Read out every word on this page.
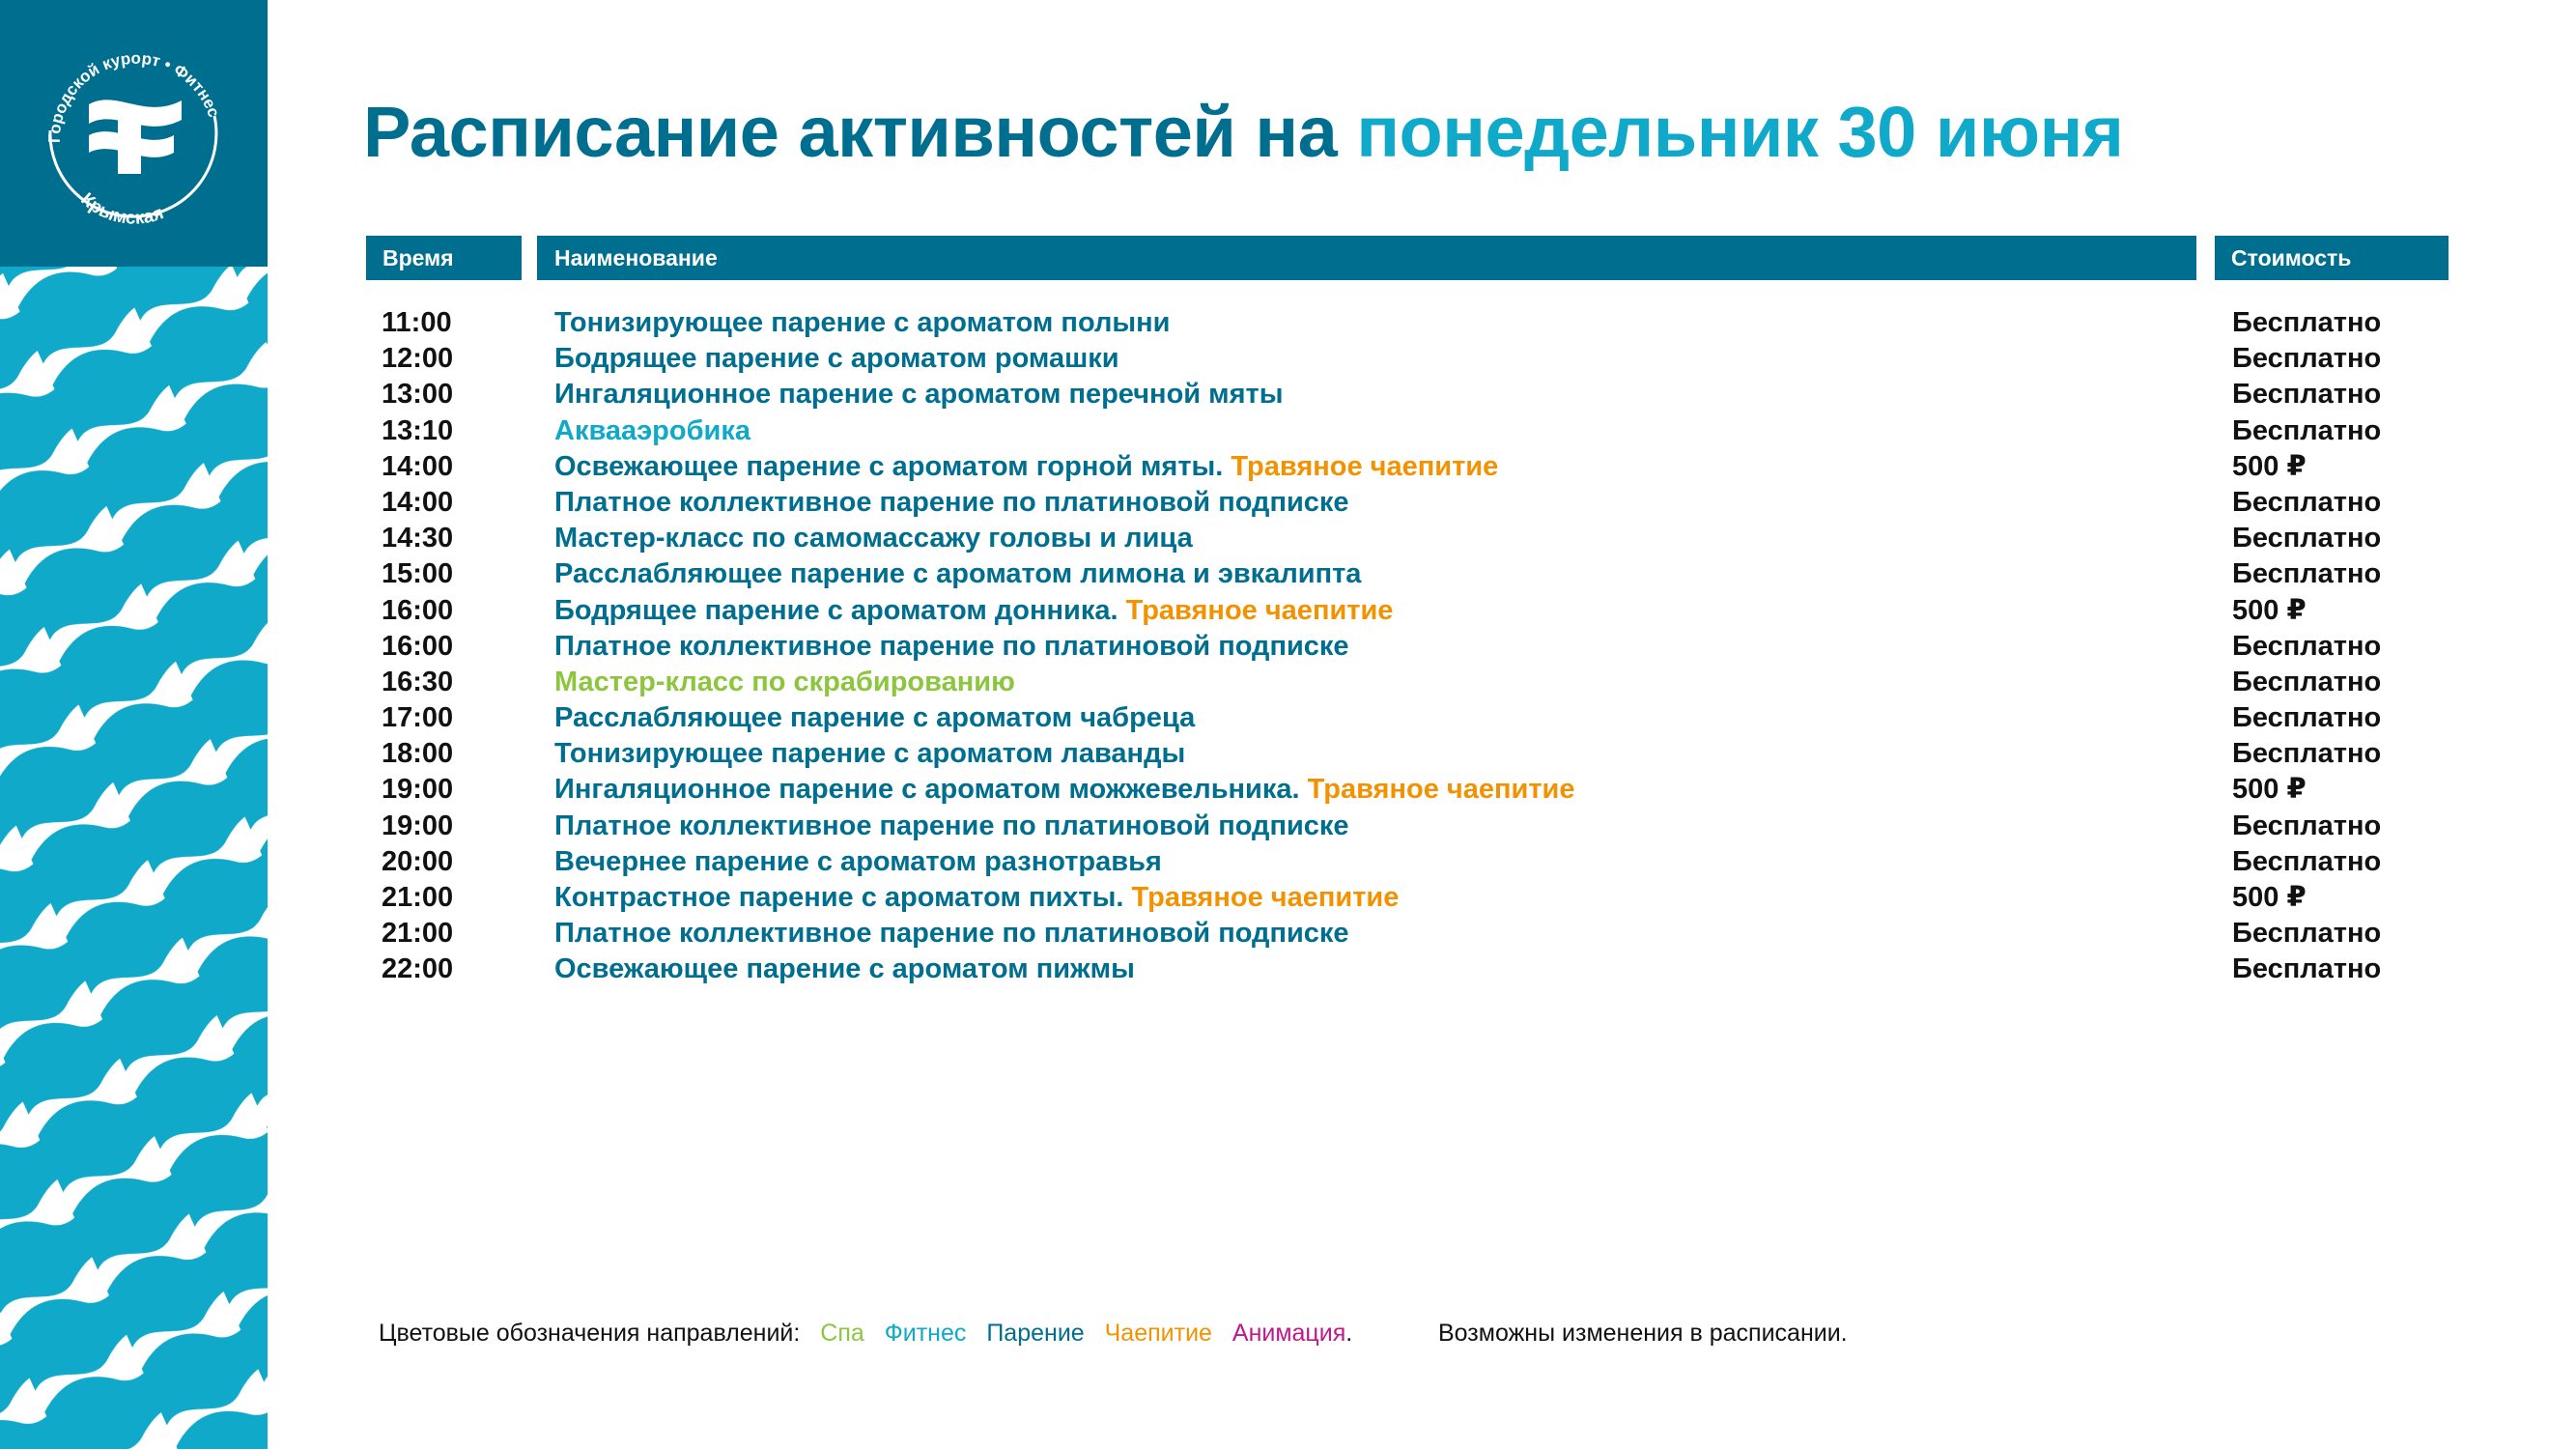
Городской курорт • Фитнес
Крымская
Расписание активностей на понедельник 30 июня
Время	Наименование	Стоимость
11:00	Тонизирующее парение с ароматом полыни	Бесплатно
12:00	Бодрящее парение с ароматом ромашки	Бесплатно
13:00	Ингаляционное парение с ароматом перечной мяты	Бесплатно
13:10	Аквааэробика	Бесплатно
14:00	Освежающее парение с ароматом горной мяты. Травяное чаепитие	500 ₽
14:00	Платное коллективное парение по платиновой подписке	Бесплатно
14:30	Мастер-класс по самомассажу головы и лица	Бесплатно
15:00	Расслабляющее парение с ароматом лимона и эвкалипта	Бесплатно
16:00	Бодрящее парение с ароматом донника. Травяное чаепитие	500 ₽
16:00	Платное коллективное парение по платиновой подписке	Бесплатно
16:30	Мастер-класс по скрабированию	Бесплатно
17:00	Расслабляющее парение с ароматом чабреца	Бесплатно
18:00	Тонизирующее парение с ароматом лаванды	Бесплатно
19:00	Ингаляционное парение с ароматом можжевельника. Травяное чаепитие	500 ₽
19:00	Платное коллективное парение по платиновой подписке	Бесплатно
20:00	Вечернее парение с ароматом разнотравья	Бесплатно
21:00	Контрастное парение с ароматом пихты. Травяное чаепитие	500 ₽
21:00	Платное коллективное парение по платиновой подписке	Бесплатно
22:00	Освежающее парение с ароматом пижмы	Бесплатно
Цветовые обозначения направлений: Спа Фитнес Парение Чаепитие Анимация.	Возможны изменения в расписании.
